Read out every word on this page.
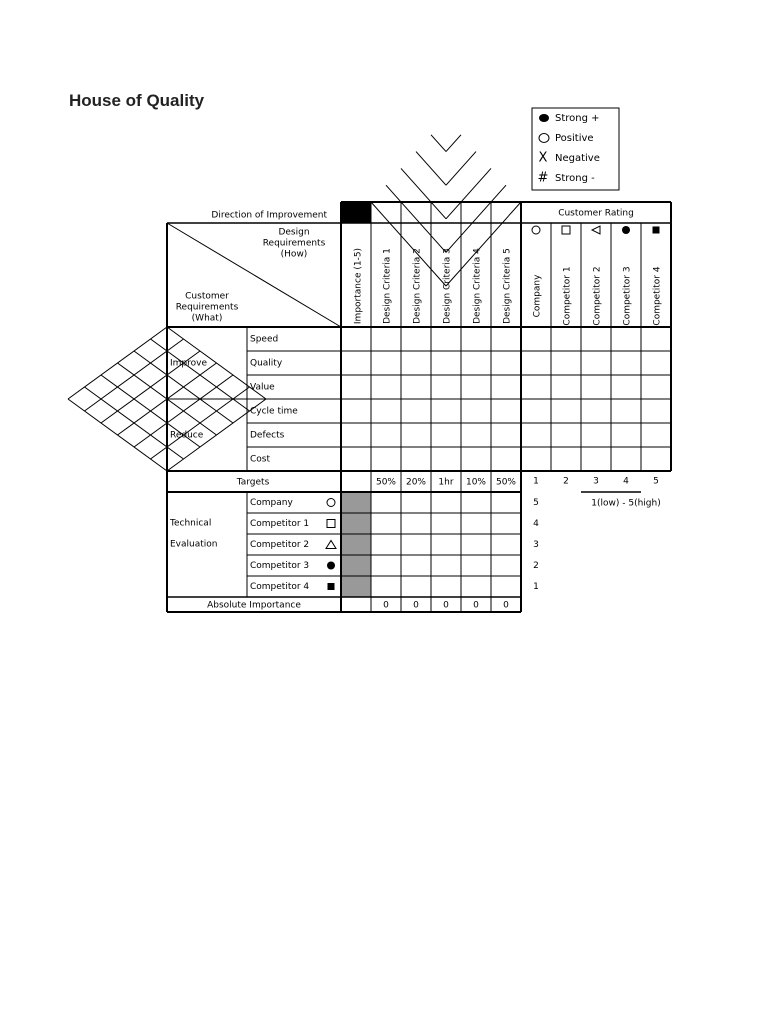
House of Quality
Strong +
Positive
X Negative
# Strong -
Direction of Improvement	Customer Rating
Design
Requirements
(How)
Customer
Requirements
(What)	Importance (1-5) Design Criteria 1 Design Criteria 2 Design Criteria 3 Design Criteria 4 Design Criteria 5 Company Competitor 1 Competitor 2 Competitor 3 Competitor 4
Improve
Speed
Quality
Value
Reduce
Cycle time
Defects
Cost
Targets	50% 20% 1hr 10% 50% 1	2	3	4	5
1(low) - 5(high)
Technical
Evaluation
Company
Competitor 1
Competitor 2
Competitor 3
Competitor 4
5
4
3
2
1
Absolute Importance	0	0	0	0	0
